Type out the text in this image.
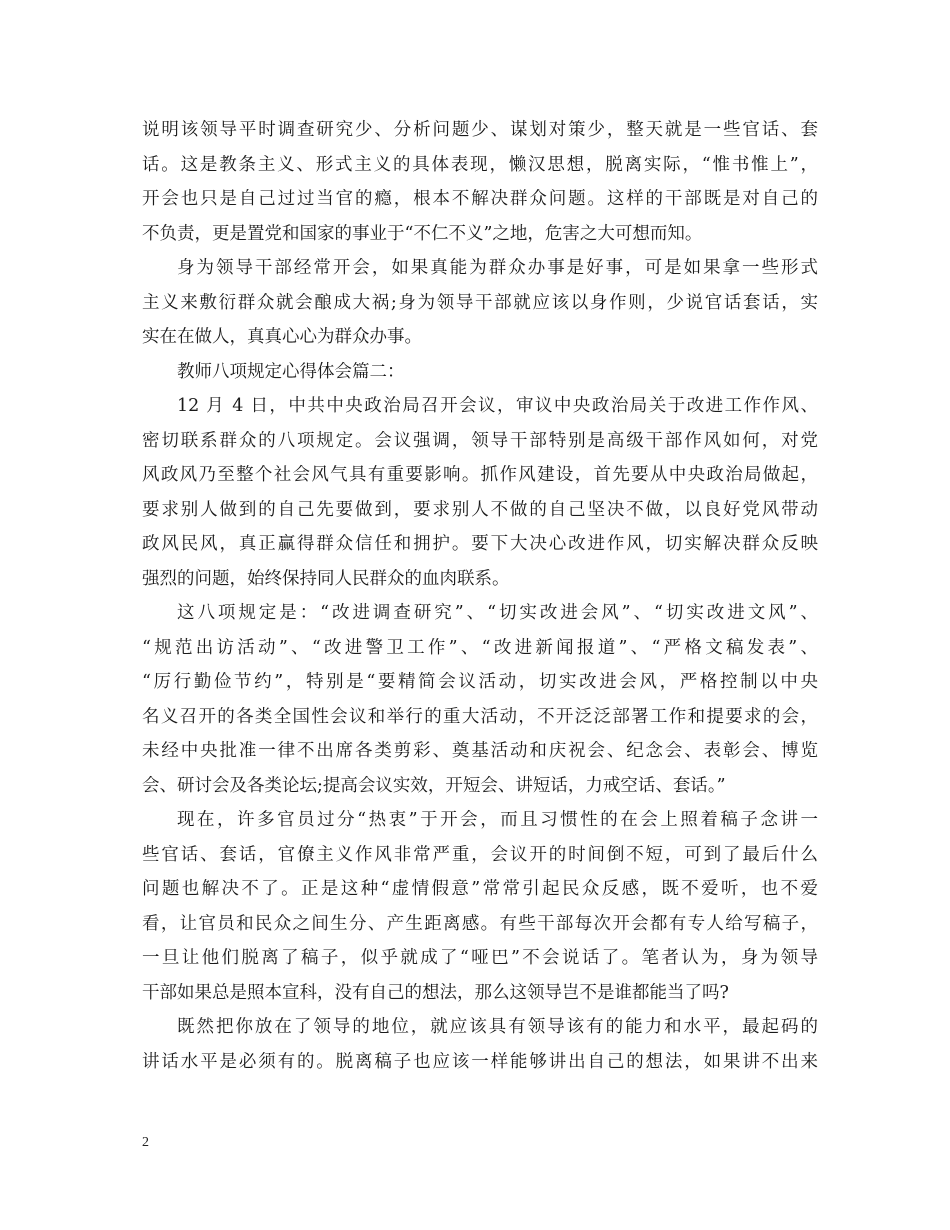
说明该领导平时调查研究少、分析问题少、谋划对策少，整天就是一些官话、套
话。这是教条主义、形式主义的具体表现，懒汉思想，脱离实际，“惟书惟上”，
开会也只是自己过过当官的瘾，根本不解决群众问题。这样的干部既是对自己的
不负责，更是置党和国家的事业于“不仁不义”之地，危害之大可想而知。
身为领导干部经常开会，如果真能为群众办事是好事，可是如果拿一些形式
主义来敷衍群众就会酿成大祸;身为领导干部就应该以身作则，少说官话套话，实
实在在做人，真真心心为群众办事。
教师八项规定心得体会篇二：
12 月 4 日，中共中央政治局召开会议，审议中央政治局关于改进工作作风、
密切联系群众的八项规定。会议强调，领导干部特别是高级干部作风如何，对党
风政风乃至整个社会风气具有重要影响。抓作风建设，首先要从中央政治局做起，
要求别人做到的自己先要做到，要求别人不做的自己坚决不做，以良好党风带动
政风民风，真正赢得群众信任和拥护。要下大决心改进作风，切实解决群众反映
强烈的问题，始终保持同人民群众的血肉联系。
这八项规定是：“改进调查研究”、“切实改进会风”、“切实改进文风”、
“规范出访活动”、“改进警卫工作”、“改进新闻报道”、“严格文稿发表”、
“厉行勤俭节约”，特别是“要精简会议活动，切实改进会风，严格控制以中央
名义召开的各类全国性会议和举行的重大活动，不开泛泛部署工作和提要求的会，
未经中央批准一律不出席各类剪彩、奠基活动和庆祝会、纪念会、表彰会、博览
会、研讨会及各类论坛;提高会议实效，开短会、讲短话，力戒空话、套话。”
现在，许多官员过分“热衷”于开会，而且习惯性的在会上照着稿子念讲一
些官话、套话，官僚主义作风非常严重，会议开的时间倒不短，可到了最后什么
问题也解决不了。正是这种“虚情假意”常常引起民众反感，既不爱听，也不爱
看，让官员和民众之间生分、产生距离感。有些干部每次开会都有专人给写稿子，
一旦让他们脱离了稿子，似乎就成了“哑巴”不会说话了。笔者认为，身为领导
干部如果总是照本宣科，没有自己的想法，那么这领导岂不是谁都能当了吗?
既然把你放在了领导的地位，就应该具有领导该有的能力和水平，最起码的
讲话水平是必须有的。脱离稿子也应该一样能够讲出自己的想法，如果讲不出来
2
